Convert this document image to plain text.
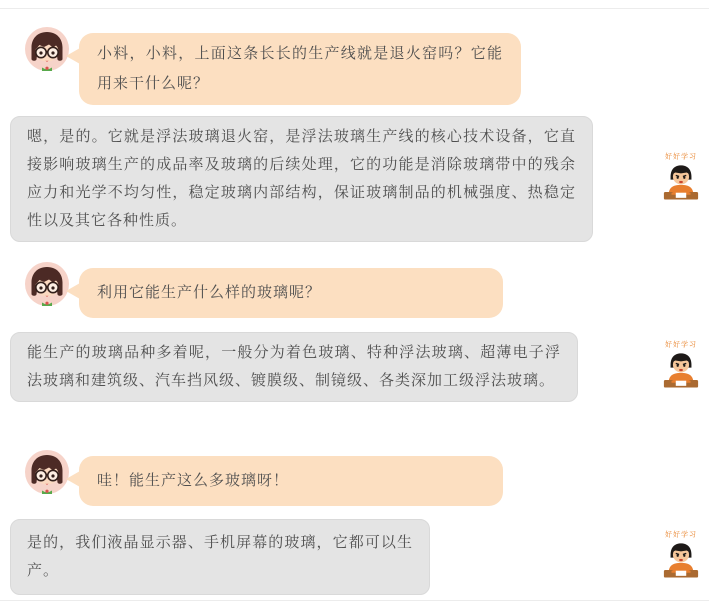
小料，小料，上面这条长长的生产线就是退火窑吗？它能用来干什么呢？
嗯，是的。它就是浮法玻璃退火窑，是浮法玻璃生产线的核心技术设备，它直接影响玻璃生产的成品率及玻璃的后续处理，它的功能是消除玻璃带中的残余应力和光学不均匀性，稳定玻璃内部结构，保证玻璃制品的机械强度、热稳定性以及其它各种性质。
好好学习
利用它能生产什么样的玻璃呢？
能生产的玻璃品种多着呢，一般分为着色玻璃、特种浮法玻璃、超薄电子浮法玻璃和建筑级、汽车挡风级、镀膜级、制镜级、各类深加工级浮法玻璃。
好好学习
哇！能生产这么多玻璃呀！
是的，我们液晶显示器、手机屏幕的玻璃，它都可以生产。
好好学习
